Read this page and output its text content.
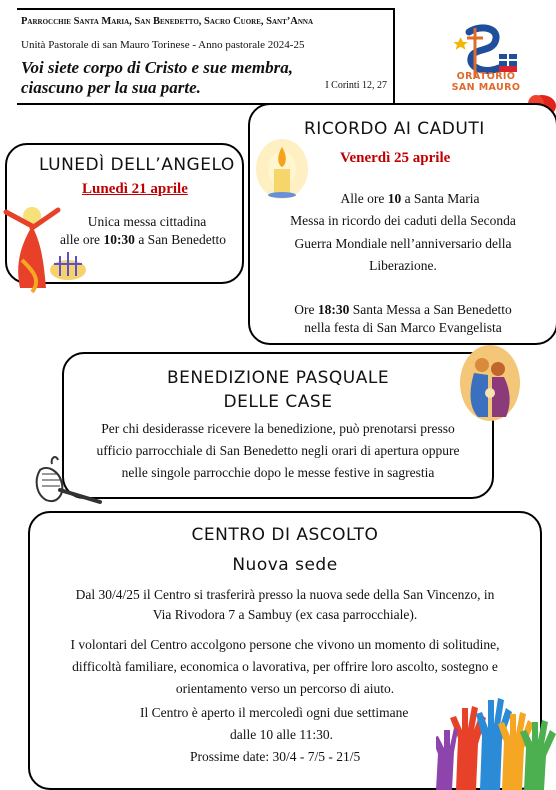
Parrocchie Santa Maria, San Benedetto, Sacro Cuore, Sant’Anna
Unità Pastorale di san Mauro Torinese - Anno pastorale 2024-25
Voi siete corpo di Cristo e sue membra,
ciascuno per la sua parte.	I Corinti 12, 27
ORATORIO
SAN MAURO
LUNEDÌ DELL’ANGELO
Lunedì 21 aprile
Unica messa cittadina
alle ore 10:30 a San Benedetto
RICORDO AI CADUTI
Venerdì 25 aprile
Alle ore 10 a Santa Maria
Messa in ricordo dei caduti della Seconda
Guerra Mondiale nell’anniversario della
Liberazione.
Ore 18:30 Santa Messa a San Benedetto
nella festa di San Marco Evangelista
BENEDIZIONE PASQUALE
DELLE CASE
Per chi desiderasse ricevere la benedizione, può prenotarsi presso
ufficio parrocchiale di San Benedetto negli orari di apertura oppure
nelle singole parrocchie dopo le messe festive in sagrestia
CENTRO DI ASCOLTO
Nuova sede
Dal 30/4/25 il Centro si trasferirà presso la nuova sede della San Vincenzo, in
Via Rivodora 7 a Sambuy (ex casa parrocchiale).
I volontari del Centro accolgono persone che vivono un momento di solitudine,
difficoltà familiare, economica o lavorativa, per offrire loro ascolto, sostegno e
orientamento verso un percorso di aiuto.
Il Centro è aperto il mercoledì ogni due settimane
dalle 10 alle 11:30.
Prossime date: 30/4 - 7/5 - 21/5
